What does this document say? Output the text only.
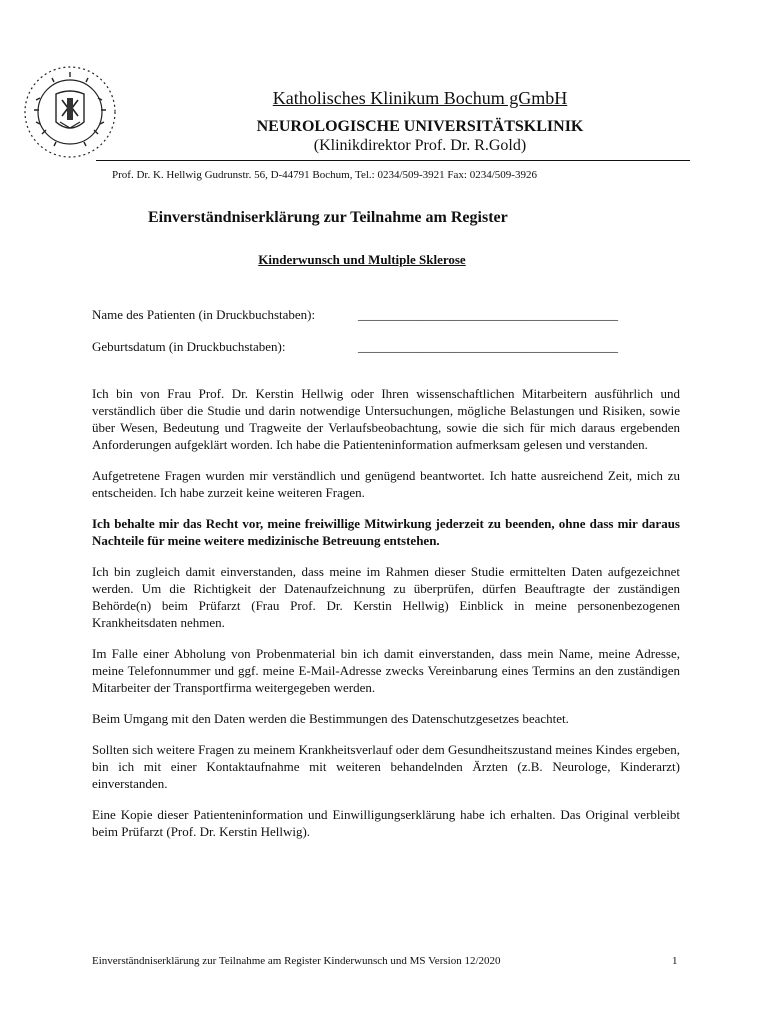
Katholisches Klinikum Bochum gGmbH
NEUROLOGISCHE UNIVERSITÄTSKLINIK
(Klinikdirektor Prof. Dr. R.Gold)
Prof. Dr. K. Hellwig Gudrunstr. 56, D-44791 Bochum, Tel.: 0234/509-3921 Fax: 0234/509-3926
Einverständniserklärung zur Teilnahme am Register
Kinderwunsch und Multiple Sklerose
Name des Patienten (in Druckbuchstaben):	________________________________________
Geburtsdatum (in Druckbuchstaben):	________________________________________

Ich bin von Frau Prof. Dr. Kerstin Hellwig oder Ihren wissenschaftlichen Mitarbeitern ausführlich und verständlich über die Studie und darin notwendige Untersuchungen, mögliche Belastungen und Risiken, sowie über Wesen, Bedeutung und Tragweite der Verlaufsbeobachtung, sowie die sich für mich daraus ergebenden Anforderungen aufgeklärt worden. Ich habe die Patienteninformation aufmerksam gelesen und verstanden.

Aufgetretene Fragen wurden mir verständlich und genügend beantwortet. Ich hatte ausreichend Zeit, mich zu entscheiden. Ich habe zurzeit keine weiteren Fragen.

Ich behalte mir das Recht vor, meine freiwillige Mitwirkung jederzeit zu beenden, ohne dass mir daraus Nachteile für meine weitere medizinische Betreuung entstehen.

Ich bin zugleich damit einverstanden, dass meine im Rahmen dieser Studie ermittelten Daten aufgezeichnet werden. Um die Richtigkeit der Datenaufzeichnung zu überprüfen, dürfen Beauftragte der zuständigen Behörde(n) beim Prüfarzt (Frau Prof. Dr. Kerstin Hellwig) Einblick in meine personenbezogenen Krankheitsdaten nehmen.

Im Falle einer Abholung von Probenmaterial bin ich damit einverstanden, dass mein Name, meine Adresse, meine Telefonnummer und ggf. meine E-Mail-Adresse zwecks Vereinbarung eines Termins an den zuständigen Mitarbeiter der Transportfirma weitergegeben werden.

Beim Umgang mit den Daten werden die Bestimmungen des Datenschutzgesetzes beachtet.

Sollten sich weitere Fragen zu meinem Krankheitsverlauf oder dem Gesundheitszustand meines Kindes ergeben, bin ich mit einer Kontaktaufnahme mit weiteren behandelnden Ärzten (z.B. Neurologe, Kinderarzt) einverstanden.

Eine Kopie dieser Patienteninformation und Einwilligungserklärung habe ich erhalten. Das Original verbleibt beim Prüfarzt (Prof. Dr. Kerstin Hellwig).

Einverständniserklärung zur Teilnahme am Register Kinderwunsch und MS Version 12/2020	1
